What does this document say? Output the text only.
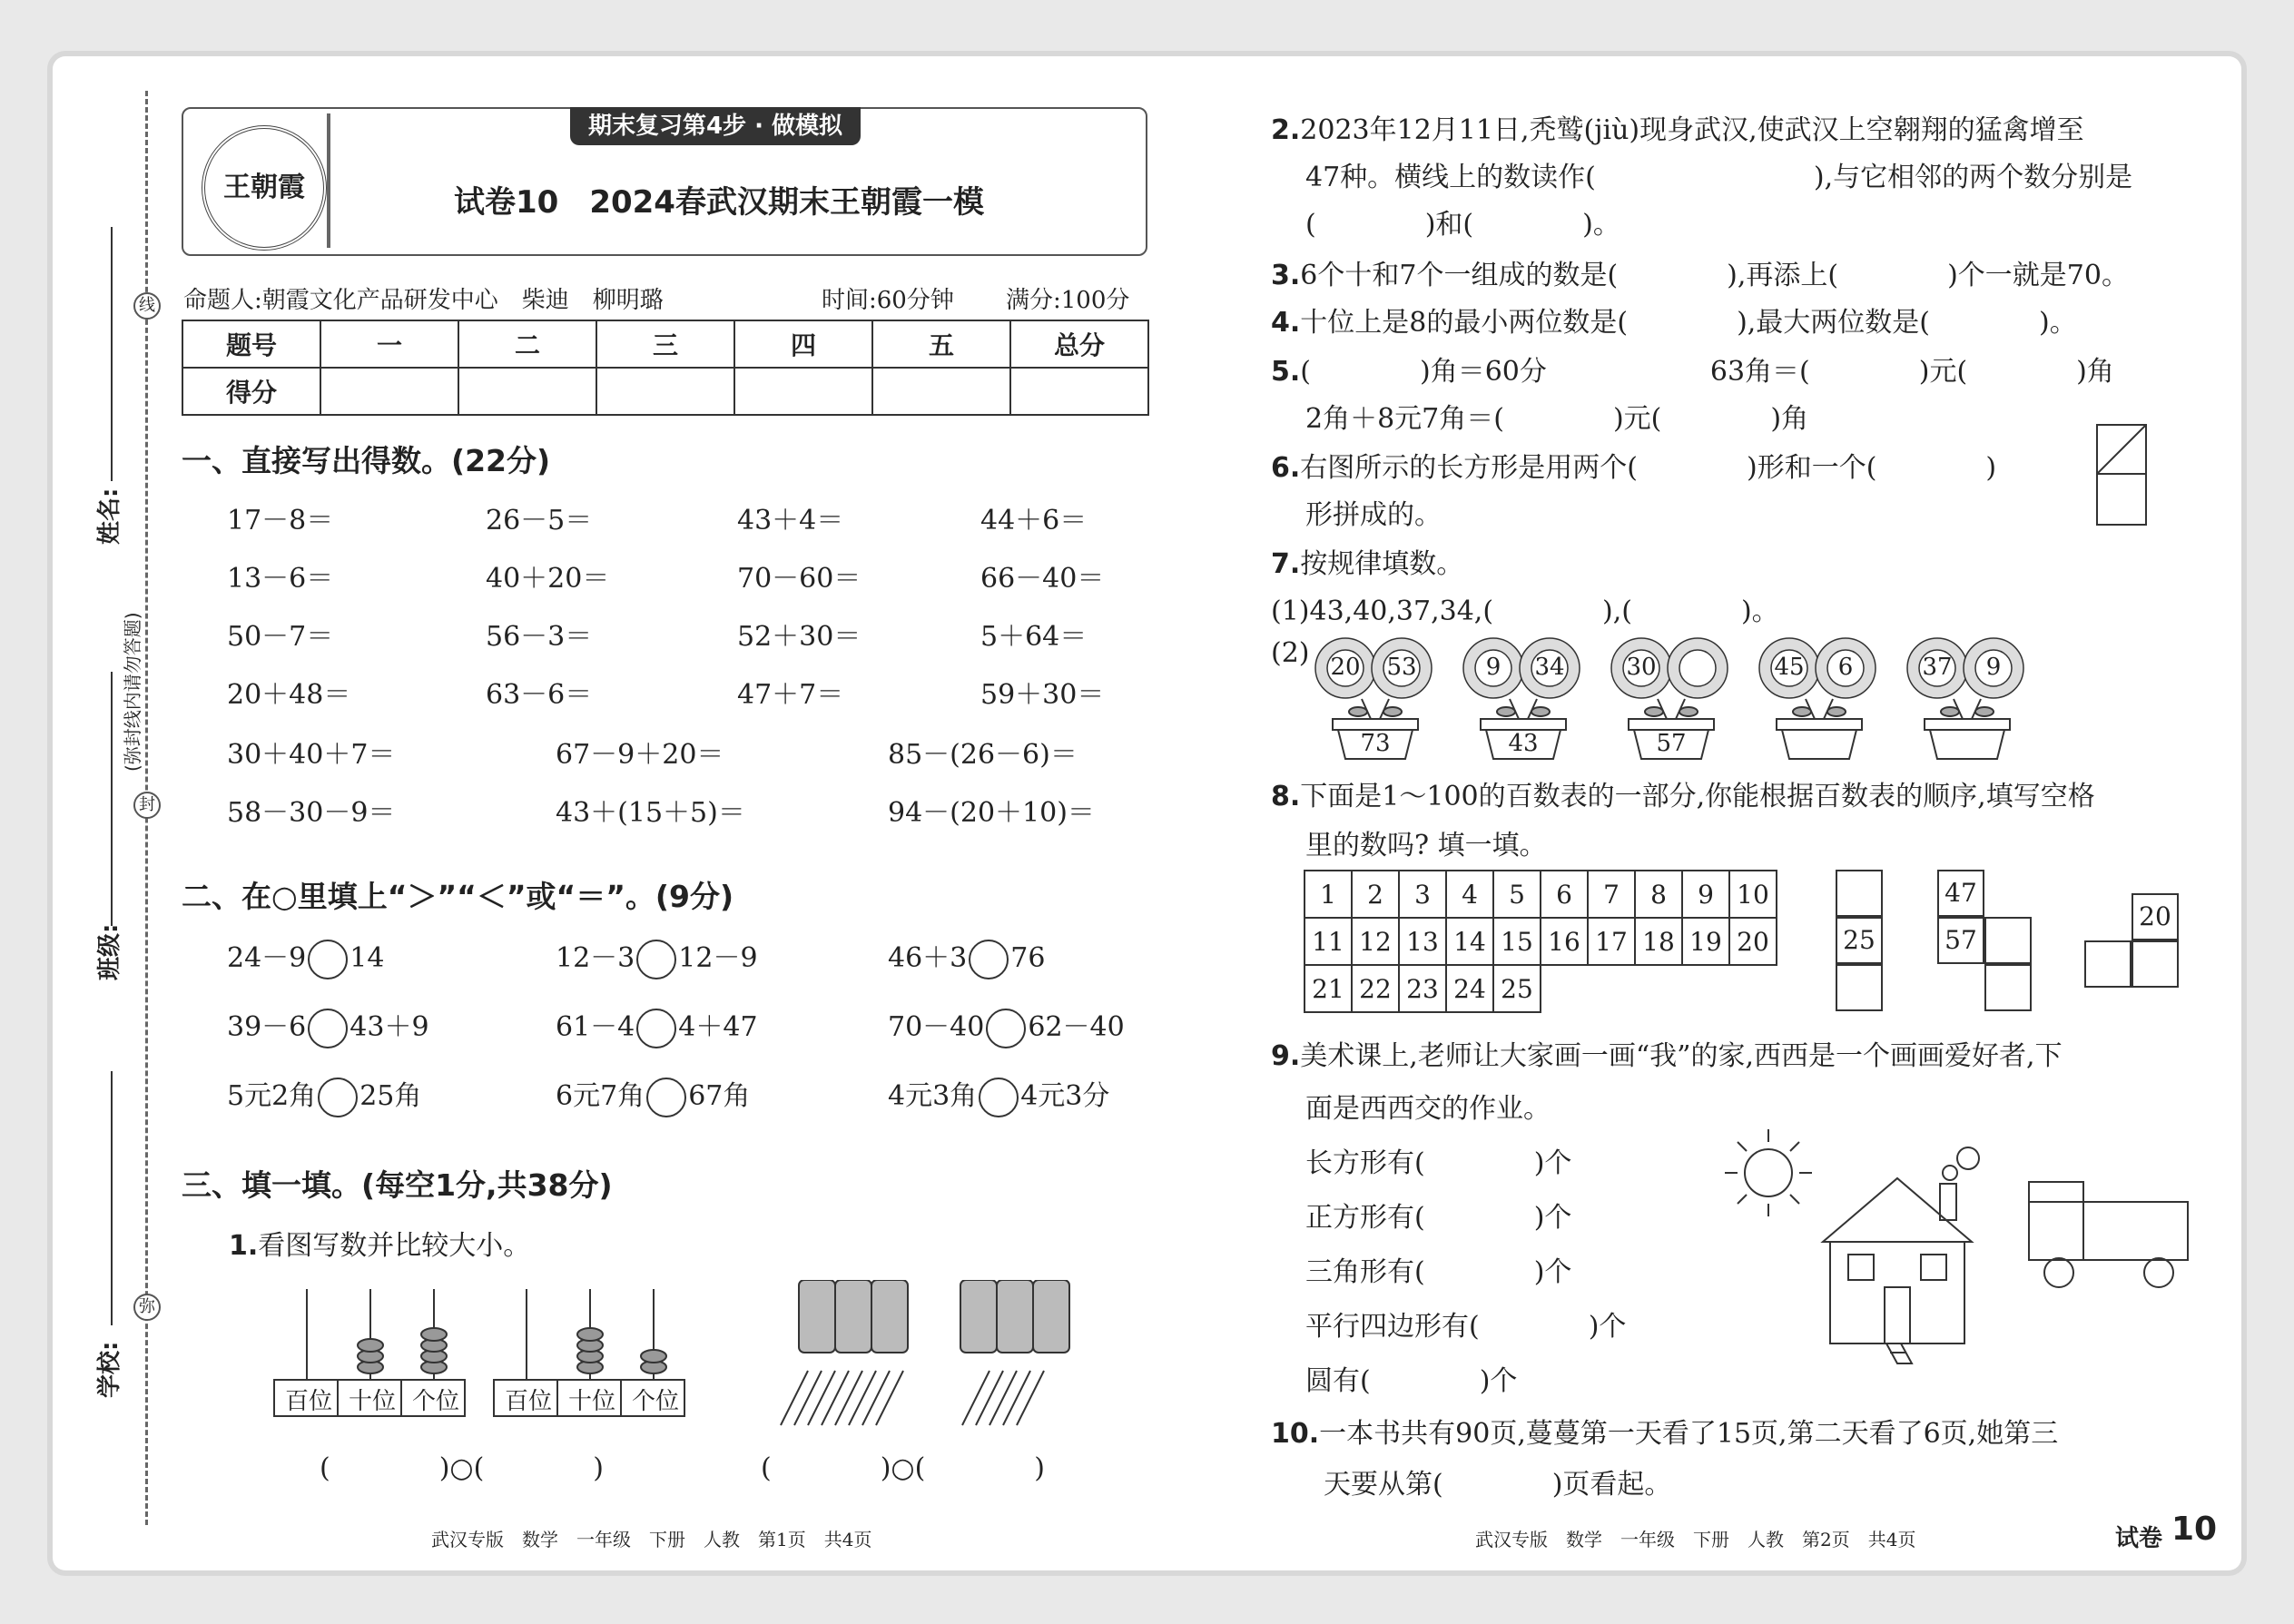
线
封
弥
(弥封线内请勿答题)
姓名:
班级:
学校:
期末复习第4步 · 做模拟
王朝霞	试卷10　2024春武汉期末王朝霞一模
命题人:朝霞文化产品研发中心　柴迪　柳明璐	时间:60分钟 满分:100分
题号	一	二	三	四	五	总分
得分						
一、直接写出得数。(22分)
17－8＝	26－5＝	43＋4＝	44＋6＝
13－6＝	40＋20＝	70－60＝	66－40＝
50－7＝	56－3＝	52＋30＝	5＋64＝
20＋48＝	63－6＝	47＋7＝	59＋30＝
30＋40＋7＝	67－9＋20＝	85－(26－6)＝
58－30－9＝	43＋(15＋5)＝	94－(20＋10)＝
二、在○里填上“＞”“＜”或“＝”。(9分)
24－9 14	12－3 12－9	46＋3 76
39－6 43＋9	61－4 4＋47	70－40 62－40
5元2角 25角	6元7角 67角	4元3角 4元3分
三、填一填。(每空1分,共38分)
1.看图写数并比较大小。
百位 十位 个位	百位 十位 个位
(　　　　)○(　　　　)	(　　　　)○(　　　　)
2.2023年12月11日,秃鹫(jiù)现身武汉,使武汉上空翱翔的猛禽增至
47种。横线上的数读作(　　　　　　　　),与它相邻的两个数分别是
(　　　　)和(　　　　)。
3.6个十和7个一组成的数是(　　　　),再添上(　　　　)个一就是70。
4.十位上是8的最小两位数是(　　　　),最大两位数是(　　　　)。
5.(　　　　)角＝60分　　　　　　63角＝(　　　　)元(　　　　)角
2角＋8元7角＝(　　　　)元(　　　　)角
6.右图所示的长方形是用两个(　　　　)形和一个(　　　　)
形拼成的。
7.按规律填数。
(1)43,40,37,34,(　　　　),(　　　　)。
(2) 20 53
73
9	34
43
30
57
45	6	37	9
8.下面是1～100的百数表的一部分,你能根据百数表的顺序,填写空格
里的数吗? 填一填。
1	2	3	4	5	6	7	8	9	10
11	12	13	14	15	16	17	18	19	20
21	22	23	24	25					
25
47
57
20
9.美术课上,老师让大家画一画“我”的家,西西是一个画画爱好者,下
面是西西交的作业。
长方形有(　　　　)个
正方形有(　　　　)个
三角形有(　　　　)个
平行四边形有(　　　　)个
圆有(　　　　)个
10.一本书共有90页,蔓蔓第一天看了15页,第二天看了6页,她第三
天要从第(　　　　)页看起。
武汉专版　数学　一年级　下册　人教　第1页　共4页	武汉专版　数学　一年级　下册　人教　第2页　共4页	试卷 10
